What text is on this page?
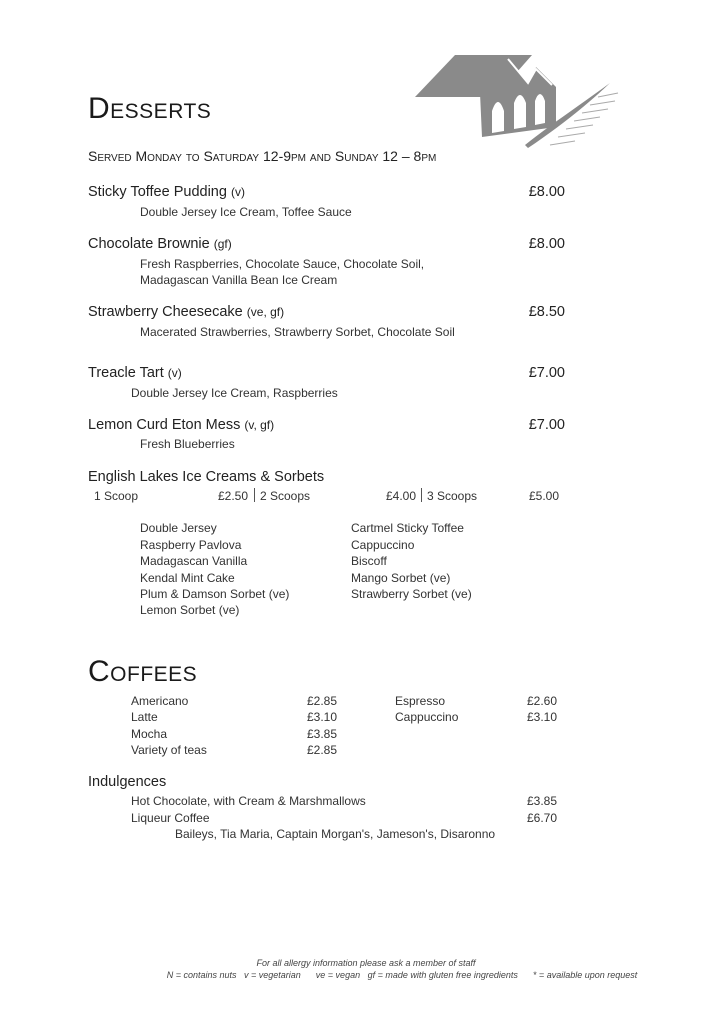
Desserts
Served Monday to Saturday 12-9pm and Sunday 12 – 8pm
Sticky Toffee Pudding (v)
Double Jersey Ice Cream, Toffee Sauce
£8.00
Chocolate Brownie (gf)
Fresh Raspberries, Chocolate Sauce, Chocolate Soil,
Madagascan Vanilla Bean Ice Cream
£8.00
Strawberry Cheesecake (ve, gf)
Macerated Strawberries, Strawberry Sorbet, Chocolate Soil
£8.50
Treacle Tart (v)
Double Jersey Ice Cream, Raspberries
£7.00
Lemon Curd Eton Mess (v, gf)
Fresh Blueberries
£7.00
English Lakes Ice Creams & Sorbets
1 Scoop	£2.50 2 Scoops	£4.00 3 Scoops	£5.00
Double Jersey
Raspberry Pavlova
Madagascan Vanilla
Kendal Mint Cake
Plum & Damson Sorbet (ve)
Lemon Sorbet (ve)
Cartmel Sticky Toffee
Cappuccino
Biscoff
Mango Sorbet (ve)
Strawberry Sorbet (ve)
Coffees
Americano	£2.85
Latte	£3.10
Mocha	£3.85
Variety of teas	£2.85
Espresso	£2.60
Cappuccino	£3.10
Indulgences
Hot Chocolate, with Cream & Marshmallows	£3.85
Liqueur Coffee	£6.70
Baileys, Tia Maria, Captain Morgan's, Jameson's, Disaronno
For all allergy information please ask a member of staff
N = contains nuts   v = vegetarian      ve = vegan   gf = made with gluten free ingredients      * = available upon request
